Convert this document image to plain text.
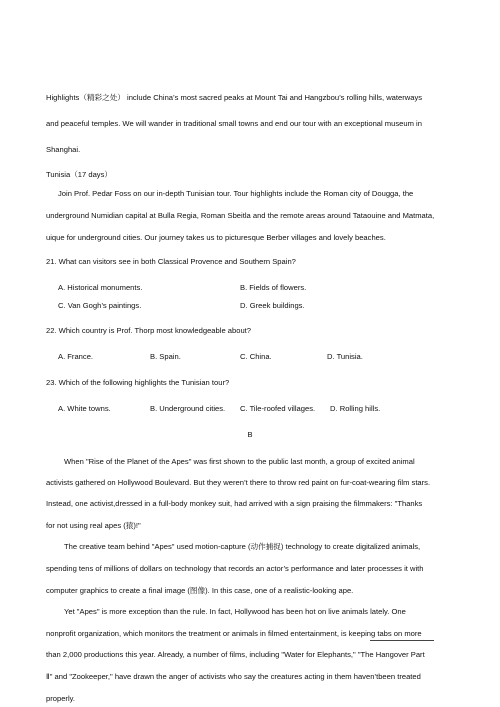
Highlights（精彩之处） include China’s most sacred peaks at Mount Tai and Hangzbou’s rolling hills, waterways
and peaceful temples. We will wander in traditional small towns and end our tour with an exceptional museum in
Shanghai.
Tunisia（17 days）
Join Prof. Pedar Foss on our in-depth Tunisian tour. Tour highlights include the Roman city of Dougga, the
underground Numidian capital at Bulla Regia, Roman Sbeitla and the remote areas around Tataouine and Matmata,
uique for underground cities. Our journey takes us to picturesque Berber villages and lovely beaches.
21. What can visitors see in both Classical Provence and Southern Spain?
A. Historical monuments.	B. Fields of flowers.
C. Van Gogh’s paintings.	D. Greek buildings.
22. Which country is Prof. Thorp most knowledgeable about?
A. France.	B. Spain.	C. China.	D. Tunisia.
23. Which of the following highlights the Tunisian tour?
A. White towns.	B. Underground cities. C. Tile-roofed villages. D. Rolling hills.
B
When "Rise of the Planet of the Apes" was first shown to the public last month, a group of excited animal
activists gathered on Hollywood Boulevard. But they weren’t there to throw red paint on fur-coat-wearing film stars.
Instead, one activist,dressed in a full-body monkey suit, had arrived with a sign praising the filmmakers: "Thanks
for not using real apes (猿)!"
The creative team behind "Apes" used motion-capture (动作捕捉) technology to create digitalized animals,
spending tens of millions of dollars on technology that records an actor’s performance and later processes it with
computer graphics to create a final image (图像). In this case, one of a realistic-looking ape.
Yet "Apes" is more exception than the rule. In fact, Hollywood has been hot on live animals lately. One
nonprofit organization, which monitors the treatment or animals in filmed entertainment, is keeping tabs on more
than 2,000 productions this year. Already, a number of films, including "Water for Elephants," "The Hangover Part
Ⅱ" and "Zookeeper," have drawn the anger of activists who say the creatures acting in them haven’tbeen treated
properly.
